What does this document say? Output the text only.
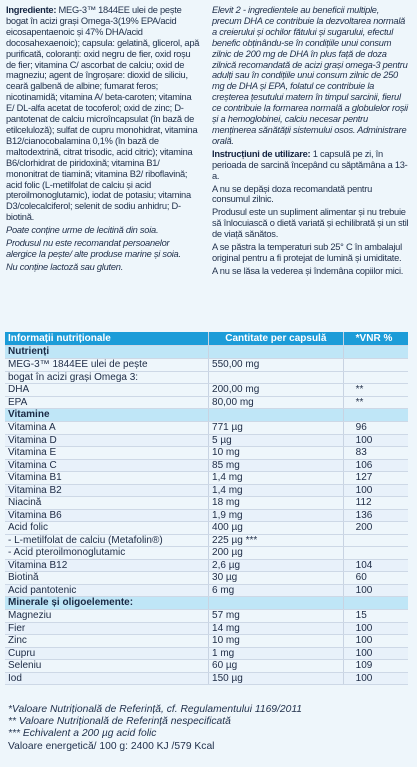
Ingrediente: MEG-3™ 1844EE ulei de pește bogat în acizi grași Omega-3(19% EPA/acid eicosapentaenoic și 47% DHA/acid docosahexaenoic); capsula: gelatină, glicerol, apă purificată, coloranți: oxid negru de fier, oxid roșu de fier; vitamina C/ ascorbat de calciu; oxid de magneziu; agent de îngroșare: dioxid de siliciu, ceară galbenă de albine; fumarat feros; nicotinamidă; vitamina A/ beta-caroten; vitamina E/ DL-alfa acetat de tocoferol; oxid de zinc; D-pantotenat de calciu microîncapsulat (în bază de etilceluloză); sulfat de cupru monohidrat, vitamina B12/cianocobalamina 0,1% (în bază de maltodextrină, citrat trisodic, acid citric); vitamina B6/clorhidrat de piridoxină; vitamina B1/ mononitrat de tiamină; vitamina B2/ riboflavină; acid folic (L-metilfolat de calciu și acid pteroilmonoglutamic), iodat de potasiu; vitamina D3/colecalciferol; selenit de sodiu anhidru; D-biotină.

Poate conține urme de lecitină din soia.

Produsul nu este recomandat persoanelor alergice la pește/ alte produse marine și soia.

Nu conține lactoză sau gluten.

Elevit 2 - ingredientele au beneficii multiple, precum DHA ce contribuie la dezvoltarea normală a creierului și ochilor fătului și sugarului, efectul benefic obținându-se în condițiile unui consum zilnic de 200 mg de DHA în plus față de doza zilnică recomandată de acizi grași omega-3 pentru adulți sau în condițiile unui consum zilnic de 250 mg de DHA și EPA, folatul ce contribuie la creșterea țesutului matern în timpul sarcinii, fierul ce contribuie la formarea normală a globulelor roșii și a hemoglobinei, calciu necesar pentru menținerea sănătății sistemului osos. Administrare orală.

Instrucțiuni de utilizare: 1 capsulă pe zi, în perioada de sarcină începând cu săptămâna a 13-a.

A nu se depăși doza recomandată pentru consumul zilnic.

Produsul este un supliment alimentar și nu trebuie să înlocuiască o dietă variată și echilibrată și un stil de viață sănătos.

A se păstra la temperaturi sub 25° C în ambalajul original pentru a fi protejat de lumină și umiditate.

A nu se lăsa la vederea și îndemâna copiilor mici.

Informații nutriționale	Cantitate per capsulă	*VNR %
Nutrienți		
MEG-3™ 1844EE ulei de pește	550,00 mg	
bogat în acizi grași Omega 3:		
DHA	200,00 mg	**
EPA	80,00 mg	**
Vitamine		
Vitamina A	771 µg	96
Vitamina D	5 µg	100
Vitamina E	10 mg	83
Vitamina C	85 mg	106
Vitamina B1	1,4 mg	127
Vitamina B2	1,4 mg	100
Niacină	18 mg	112
Vitamina B6	1,9 mg	136
Acid folic	400 µg	200
- L-metilfolat de calciu (Metafolin®)	225 µg ***	
- Acid pteroilmonoglutamic	200 µg	
Vitamina B12	2,6 µg	104
Biotină	30 µg	60
Acid pantotenic	6 mg	100
Minerale și oligoelemente:		
Magneziu	57 mg	15
Fier	14 mg	100
Zinc	10 mg	100
Cupru	1 mg	100
Seleniu	60 µg	109
Iod	150 µg	100
*Valoare Nutrițională de Referință, cf. Regulamentului 1169/2011
** Valoare Nutrițională de Referință nespecificată
*** Echivalent a 200 µg acid folic
Valoare energetică/ 100 g: 2400 KJ /579 Kcal
